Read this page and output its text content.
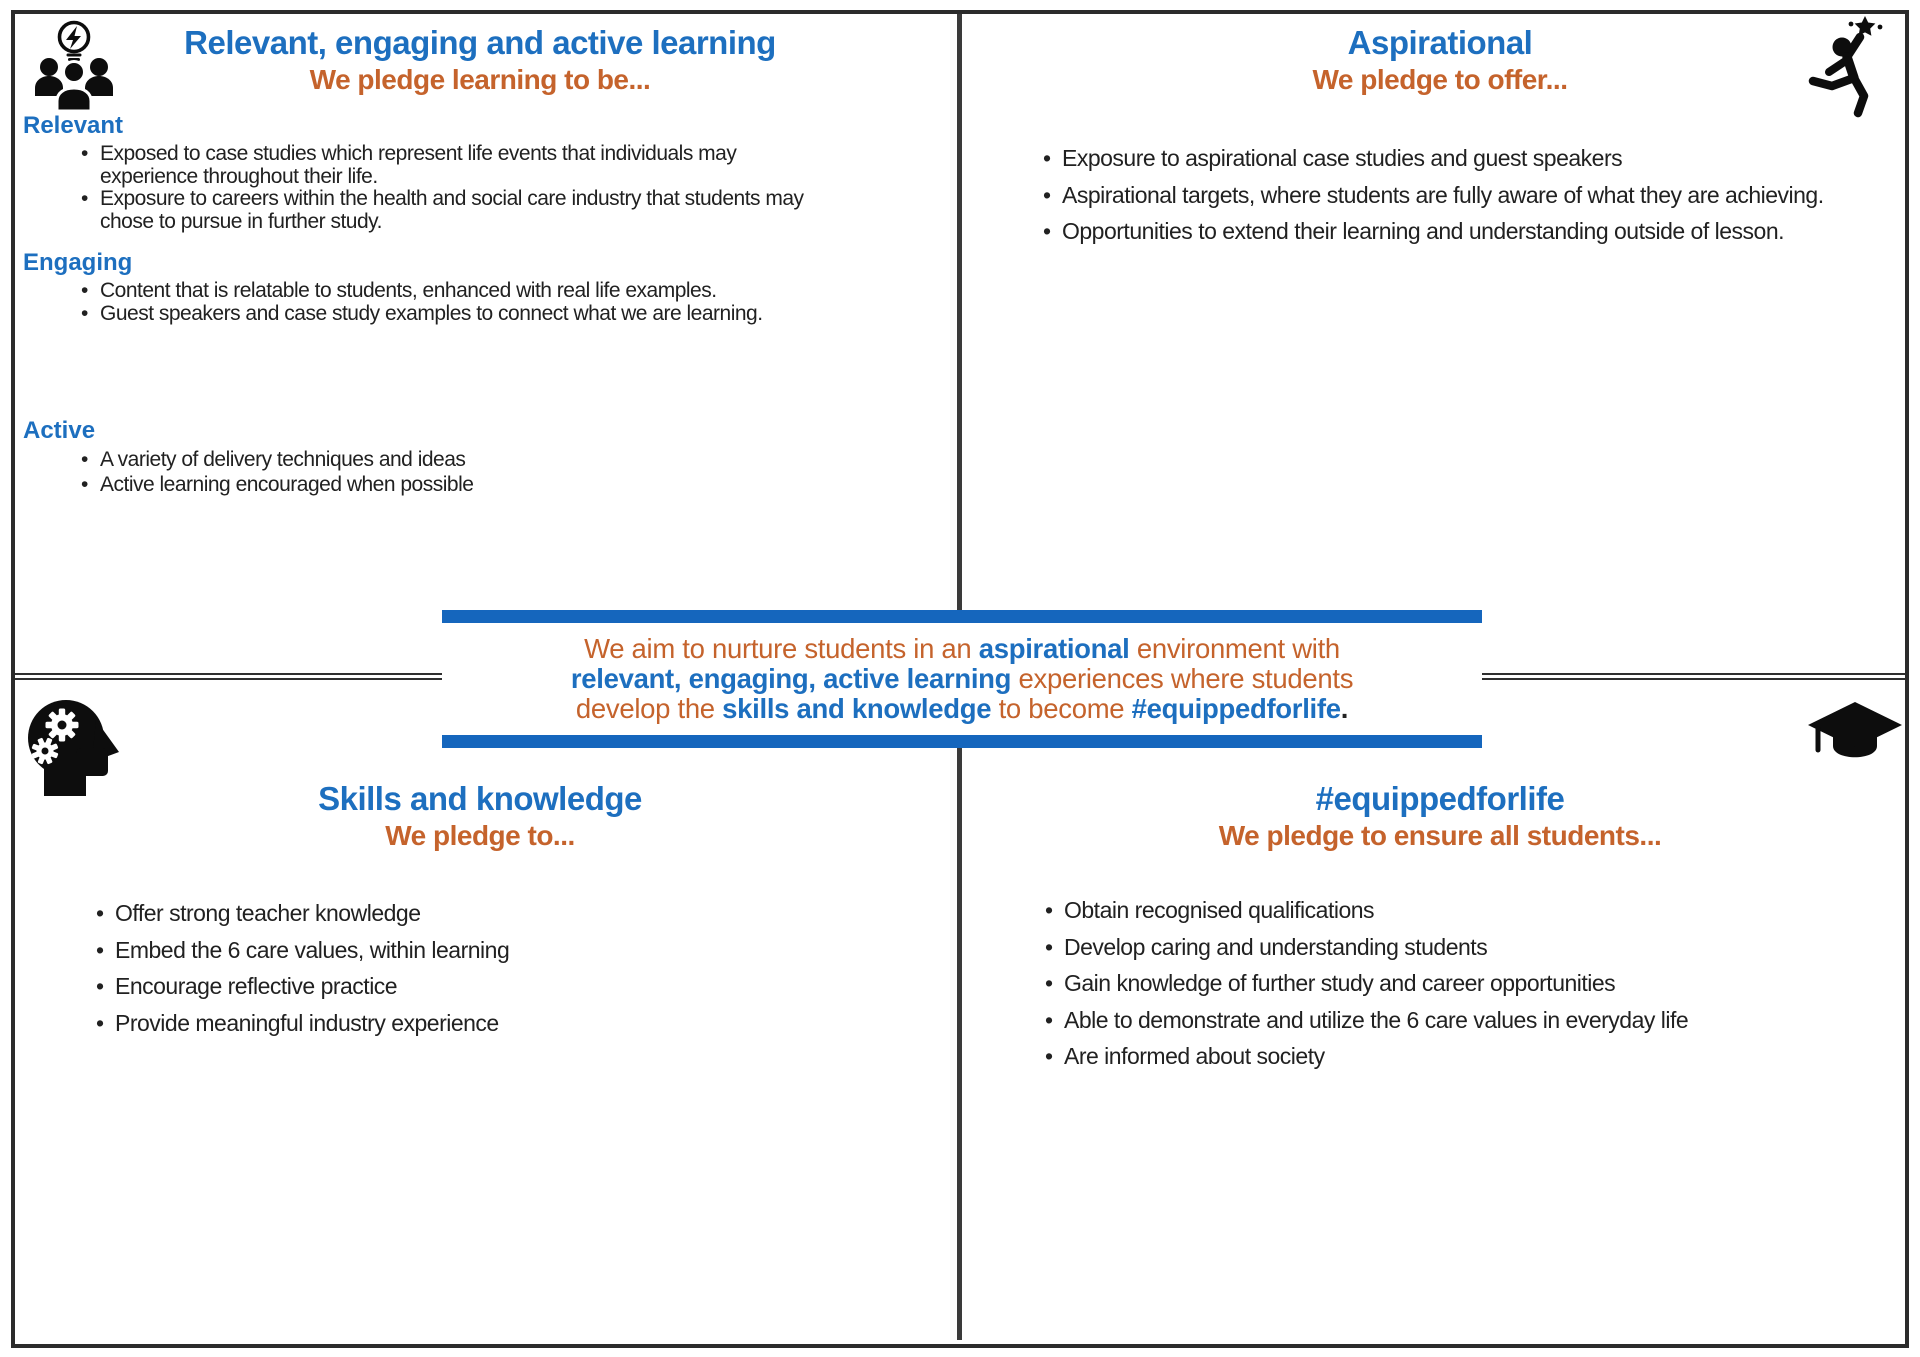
Relevant, engaging and active learning
We pledge learning to be...
Relevant
• Exposed to case studies which represent life events that individuals may experience throughout their life.
• Exposure to careers within the health and social care industry that students may chose to pursue in further study.
Engaging
• Content that is relatable to students, enhanced with real life examples.
• Guest speakers and case study examples to connect what we are learning.
Active
• A variety of delivery techniques and ideas
• Active learning encouraged when possible
Aspirational
We pledge to offer...
• Exposure to aspirational case studies and guest speakers
• Aspirational targets, where students are fully aware of what they are achieving.
• Opportunities to extend their learning and understanding outside of lesson.
We aim to nurture students in an aspirational environment with
relevant, engaging, active learning experiences where students
develop the skills and knowledge to become #equippedforlife.
Skills and knowledge
We pledge to...
• Offer strong teacher knowledge
• Embed the 6 care values, within learning
• Encourage reflective practice
• Provide meaningful industry experience
#equippedforlife
We pledge to ensure all students...
• Obtain recognised qualifications
• Develop caring and understanding students
• Gain knowledge of further study and career opportunities
• Able to demonstrate and utilize the 6 care values in everyday life
• Are informed about society
